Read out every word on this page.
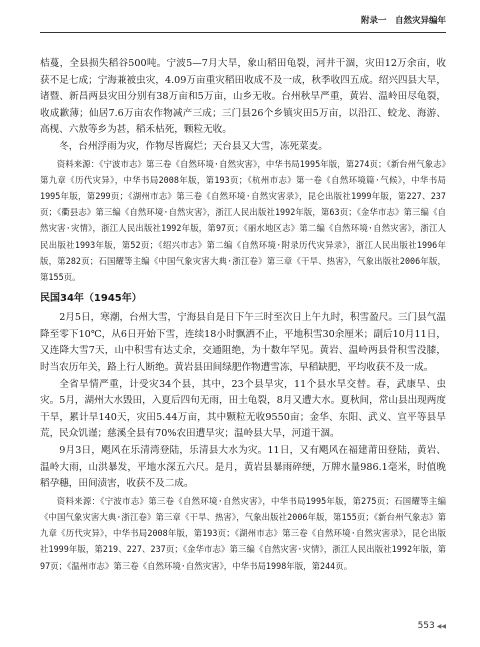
附录一　自然灾异编年

桔蔓，全县损失稻谷500吨。宁波5—7月大旱，象山稻田龟裂，河井干涸，灾田12万余亩，收获不足七成；宁海兼被虫灾，4.09万亩重灾稻田收成不及一成，秋季收四五成。绍兴四县大旱，诸暨、新昌两县灾田分别有38万亩和5万亩，山乡无收。台州秋旱严重，黄岩、温岭田尽龟裂，收成歉薄；仙居7.6万亩农作物减产三成；三门县26个乡镇灾田5万亩，以沿江、蛟龙、海游、高枧、六敖等乡为甚，稻禾枯死，颗粒无收。

冬，台州浮雨为灾，作物尽皆腐烂；天台县又大雪，冻死菜麦。

资料来源：《宁波市志》第三卷《自然环境·自然灾害》，中华书局1995年版，第274页；《新台州气象志》第九章《历代灾异》，中华书局2008年版，第193页；《杭州市志》第一卷《自然环境篇·气候》，中华书局1995年版，第299页；《湖州市志》第三卷《自然环境·自然灾害录》，昆仑出版社1999年版，第227、237页；《衢县志》第三编《自然环境·自然灾害》，浙江人民出版社1992年版，第63页；《金华市志》第三编《自然灾害·灾情》，浙江人民出版社1992年版，第97页；《丽水地区志》第二编《自然环境·自然灾害》，浙江人民出版社1993年版，第52页；《绍兴市志》第二编《自然环境·附录历代灾异录》，浙江人民出版社1996年版，第282页；石国耀等主编《中国气象灾害大典·浙江卷》第三章《干旱、热害》，气象出版社2006年版，第155页。

民国34年（1945年）

2月5日，寒潮，台州大雪，宁海县自是日下午三时至次日上午九时，积雪盈尺。三门县气温降至零下10℃，从6日开始下雪，连续18小时飘洒不止，平地积雪30余厘米；副后10月11日，又连降大雪7天，山中积雪有达丈余，交通阻绝，为十数年罕见。黄岩、温岭两县骨积雪没膝，时当农历年关，路上行人断绝。黄岩县田间绿肥作物遭雪冻，早稻缺肥，平均收获不及一成。

全省旱情严重，计受灾34个县，其中，23个县旱灾，11个县水旱交替。春，武康旱、虫灾。5月，湖州大水毁田，入夏后四旬无雨，田土龟裂，8月又遭大水。夏秋间，常山县出现两度干旱，累计旱140天，灾田5.44万亩，其中颗粒无收9550亩；金华、东阳、武义、宣平等县旱荒，民众饥谨；慈溪全县有70%农田遭旱灾；温岭县大旱，河道干涸。

9月3日，飓风在乐清湾登陆，乐清县大水为灾。11日，又有飓风在福建莆田登陆，黄岩、温岭大雨，山洪暴发，平地水深五六尺。是月，黄岩县暴雨碎绠，万牌水量986.1毫米，时值晚稻孕穗，田间渍害，收获不及二成。

资料来源：《宁波市志》第三卷《自然环境·自然灾害》，中华书局1995年版，第275页；石国耀等主编《中国气象灾害大典·浙江卷》第三章《干旱、热害》，气象出版社2006年版，第155页；《新台州气象志》第九章《历代灾异》，中华书局2008年版，第193页；《湖州市志》第三卷《自然环境·自然灾害录》，昆仑出版社1999年版，第219、227、237页；《金华市志》第三编《自然灾害·灾情》，浙江人民出版社1992年版，第97页；《温州市志》第三卷《自然环境·自然灾害》，中华书局1998年版，第244页。

553 ◀◀
